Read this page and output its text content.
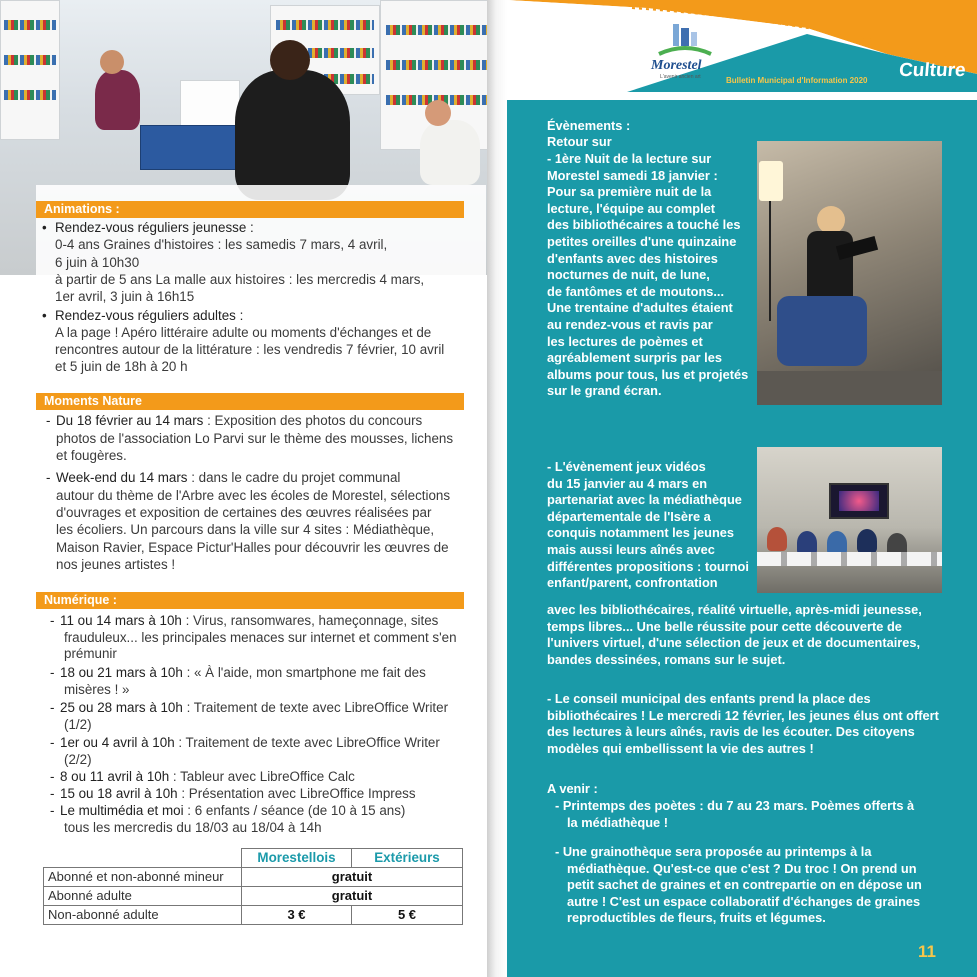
Animations :
• Rendez-vous réguliers jeunesse :
0-4 ans Graines d'histoires : les samedis 7 mars, 4 avril,
6 juin à 10h30
à partir de 5 ans La malle aux histoires : les mercredis 4 mars,
1er avril, 3 juin à 16h15
• Rendez-vous réguliers adultes :
A la page ! Apéro littéraire adulte ou moments d'échanges et de
rencontres autour de la littérature : les vendredis 7 février, 10 avril
et 5 juin de 18h à 20 h
Moments Nature
- Du 18 février au 14 mars : Exposition des photos du concours
photos de l'association Lo Parvi sur le thème des mousses, lichens
et fougères.
- Week-end du 14 mars : dans le cadre du projet communal
autour du thème de l'Arbre avec les écoles de Morestel, sélections
d'ouvrages et exposition de certaines des œuvres réalisées par
les écoliers. Un parcours dans la ville sur 4 sites : Médiathèque,
Maison Ravier, Espace Pictur'Halles pour découvrir les œuvres de
nos jeunes artistes !
Numérique :
- 11 ou 14 mars à 10h : Virus, ransomwares, hameçonnage, sites
frauduleux... les principales menaces sur internet et comment s'en
prémunir
- 18 ou 21 mars à 10h : « À l'aide, mon smartphone me fait des
misères ! »
- 25 ou 28 mars à 10h : Traitement de texte avec LibreOffice Writer
(1/2)
- 1er ou 4 avril à 10h : Traitement de texte avec LibreOffice Writer
(2/2)
- 8 ou 11 avril à 10h : Tableur avec LibreOffice Calc
- 15 ou 18 avril à 10h : Présentation avec LibreOffice Impress
- Le multimédia et moi : 6 enfants / séance (de 10 à 15 ans)
tous les mercredis du 18/03 au 18/04 à 14h
	Morestellois	Extérieurs
Abonné et non-abonné mineur	gratuit	
Abonné adulte	gratuit	
Non-abonné adulte	3 €	5 €
Morestel
L'avenir ancien art	Bulletin Municipal d'Information 2020 Culture
Évènements :
Retour sur
- 1ère Nuit de la lecture sur
Morestel samedi 18 janvier :
Pour sa première nuit de la
lecture, l'équipe au complet
des bibliothécaires a touché les
petites oreilles d'une quinzaine
d'enfants avec des histoires
nocturnes de nuit, de lune,
de fantômes et de moutons...
Une trentaine d'adultes étaient
au rendez-vous et ravis par
les lectures de poèmes et
agréablement surpris par les
albums pour tous, lus et projetés
sur le grand écran.
- L'évènement jeux vidéos
du 15 janvier au 4 mars en
partenariat avec la médiathèque
départementale de l'Isère a
conquis notamment les jeunes
mais aussi leurs aînés avec
différentes propositions : tournoi
enfant/parent, confrontation
avec les bibliothécaires, réalité virtuelle, après-midi jeunesse,
temps libres... Une belle réussite pour cette découverte de
l'univers virtuel, d'une sélection de jeux et de documentaires,
bandes dessinées, romans sur le sujet.
- Le conseil municipal des enfants prend la place des
bibliothécaires ! Le mercredi 12 février, les jeunes élus ont offert
des lectures à leurs aînés, ravis de les écouter. Des citoyens
modèles qui embellissent la vie des autres !
A venir :
- Printemps des poètes : du 7 au 23 mars. Poèmes offerts à
la médiathèque !
- Une grainothèque sera proposée au printemps à la
médiathèque. Qu'est-ce que c'est ? Du troc ! On prend un
petit sachet de graines et en contrepartie on en dépose un
autre ! C'est un espace collaboratif d'échanges de graines
reproductibles de fleurs, fruits et légumes.
11
